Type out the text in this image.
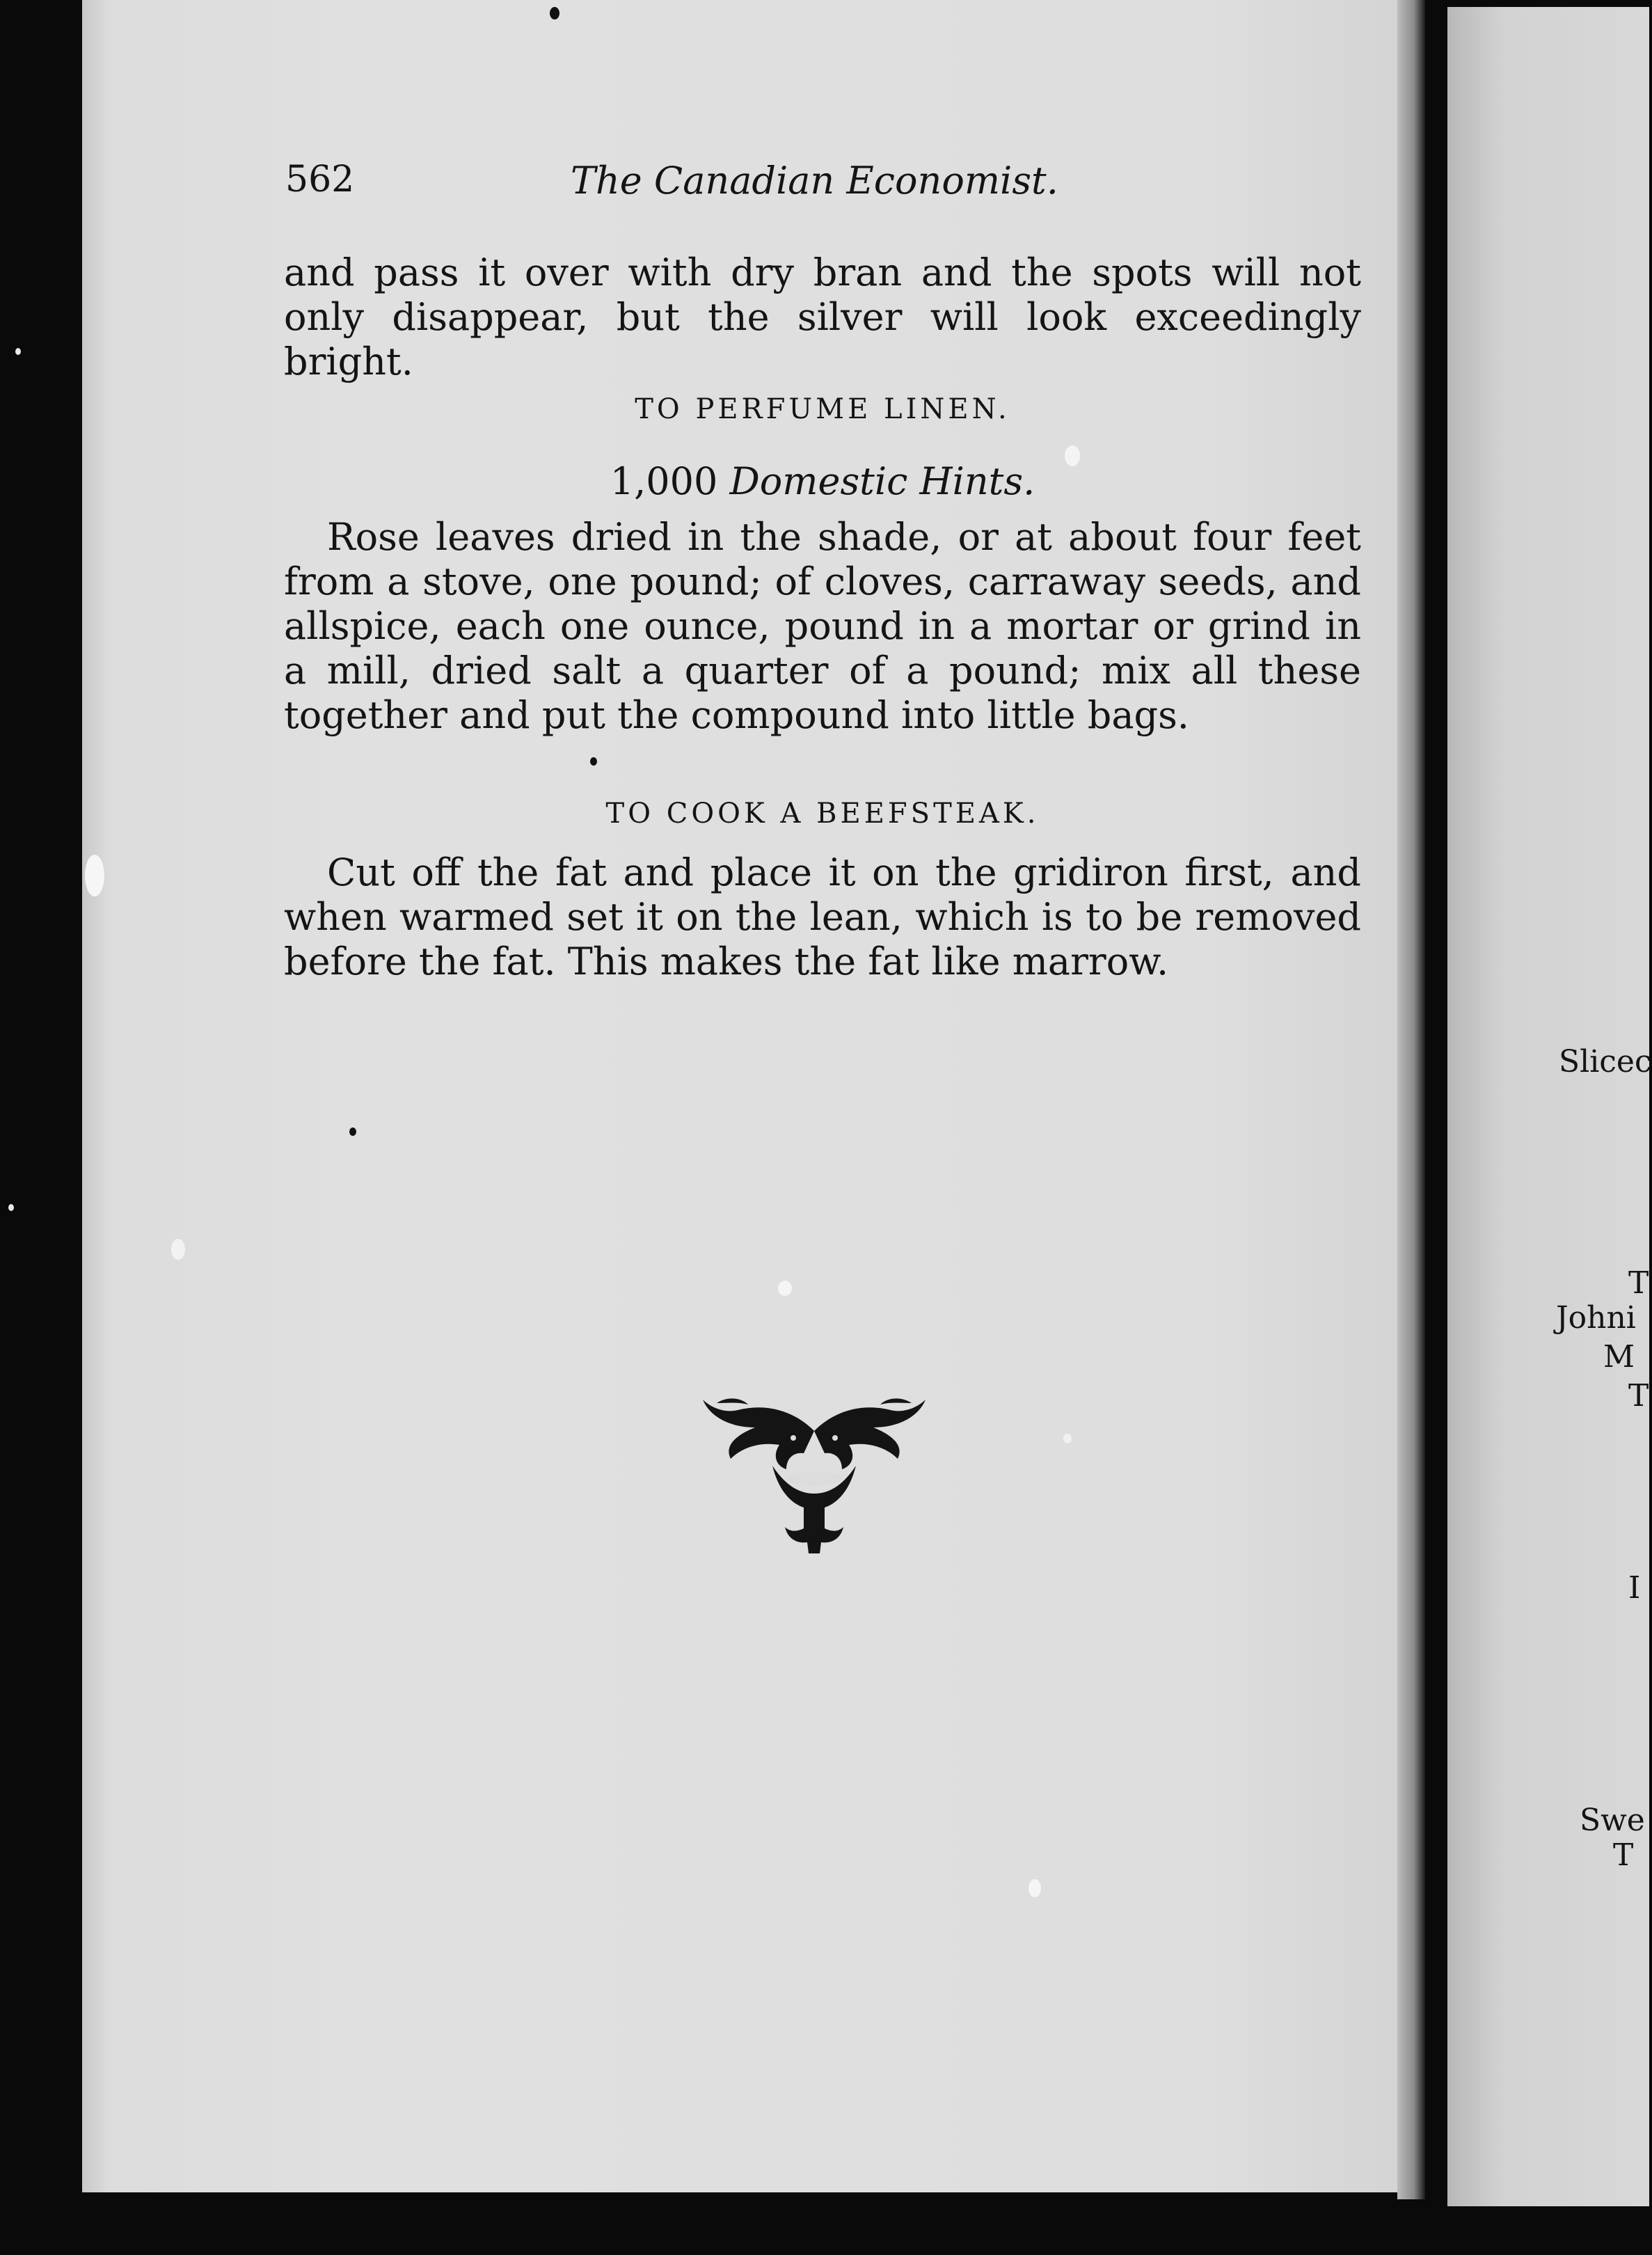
562	The Canadian Economist.

and pass it over with dry bran and the spots will not only disappear, but the silver will look exceedingly bright.

TO PERFUME LINEN.
1,000 Domestic Hints.

Rose leaves dried in the shade, or at about four feet from a stove, one pound; of cloves, carraway seeds, and allspice, each one ounce, pound in a mortar or grind in a mill, dried salt a quarter of a pound; mix all these together and put the compound into little bags.

TO COOK A BEEFSTEAK.

Cut off the fat and place it on the gridiron first, and when warmed set it on the lean, which is to be removed before the fat. This makes the fat like marrow.

Slicec
T
Johni
M
T
I
Swe
T
